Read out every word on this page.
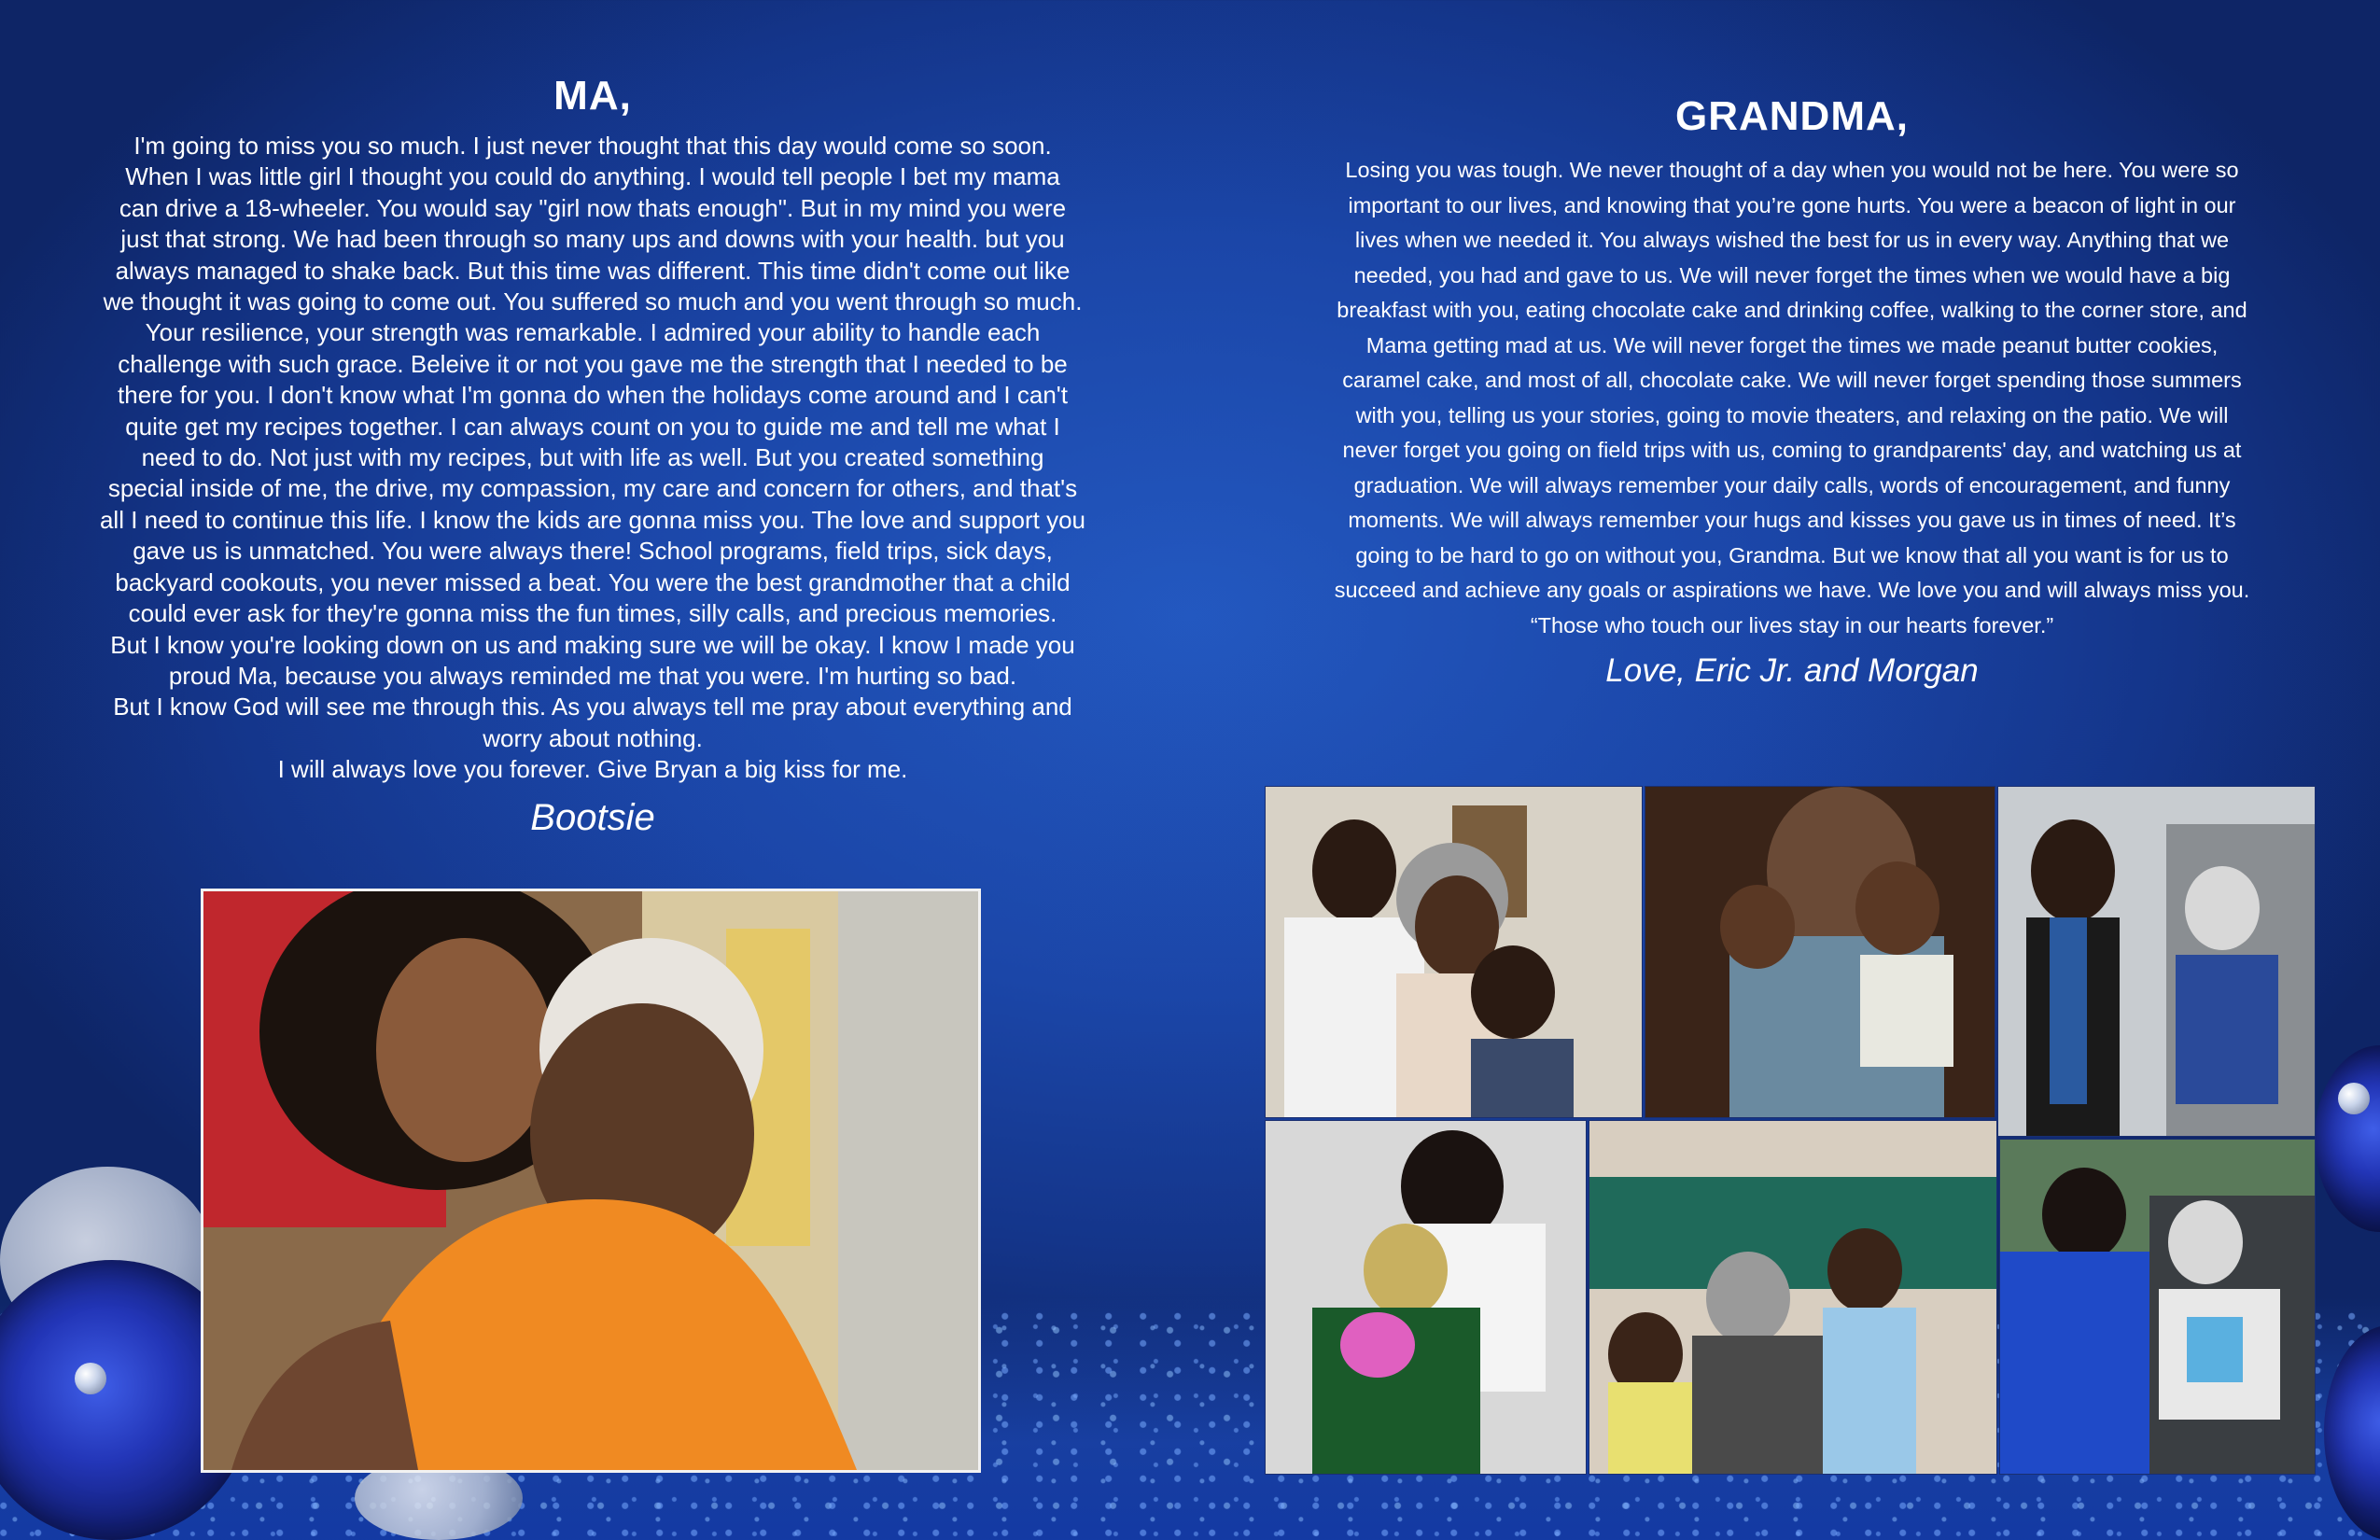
MA,

I'm going to miss you so much. I just never thought that this day would come so soon.

When I was little girl I thought you could do anything. I would tell people I bet my mama

can drive a 18-wheeler. You would say "girl now thats enough". But in my mind you were

just that strong. We had been through so many ups and downs with your health. but you

always managed to shake back. But this time was different. This time didn't come out like

we thought it was going to come out. You suffered so much and you went through so much.

Your resilience, your strength was remarkable. I admired your ability to handle each

challenge with such grace. Beleive it or not you gave me the strength that I needed to be

there for you. I don't know what I'm gonna do when the holidays come around and I can't

quite get my recipes together. I can always count on you to guide me and tell me what I

need to do. Not just with my recipes, but with life as well. But you created something

special inside of me, the drive, my compassion, my care and concern for others, and that's

all I need to continue this life. I know the kids are gonna miss you. The love and support you

gave us is unmatched. You were always there! School programs, field trips, sick days,

backyard cookouts, you never missed a beat. You were the best grandmother that a child

could ever ask for they're gonna miss the fun times, silly calls, and precious memories.

But I know you're looking down on us and making sure we will be okay. I know I made you

proud Ma, because you always reminded me that you were. I'm hurting so bad.

But I know God will see me through this. As you always tell me pray about everything and

worry about nothing.

I will always love you forever. Give Bryan a big kiss for me.

Bootsie
GRANDMA,

Losing you was tough. We never thought of a day when you would not be here. You were so

important to our lives, and knowing that you’re gone hurts. You were a beacon of light in our

lives when we needed it. You always wished the best for us in every way. Anything that we

needed, you had and gave to us. We will never forget the times when we would have a big

breakfast with you, eating chocolate cake and drinking coffee, walking to the corner store, and

Mama getting mad at us. We will never forget the times we made peanut butter cookies,

caramel cake, and most of all, chocolate cake. We will never forget spending those summers

with you, telling us your stories, going to movie theaters, and relaxing on the patio. We will

never forget you going on field trips with us, coming to grandparents' day, and watching us at

graduation. We will always remember your daily calls, words of encouragement, and funny

moments. We will always remember your hugs and kisses you gave us in times of need. It’s

going to be hard to go on without you, Grandma. But we know that all you want is for us to

succeed and achieve any goals or aspirations we have. We love you and will always miss you.

“Those who touch our lives stay in our hearts forever.”

Love, Eric Jr. and Morgan
